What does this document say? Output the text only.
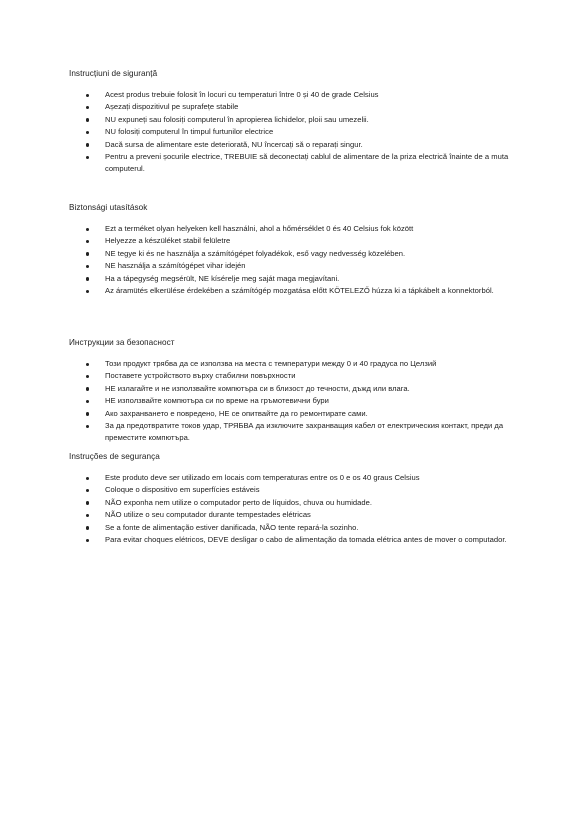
Instrucțiuni de siguranță
Acest produs trebuie folosit în locuri cu temperaturi între 0 și 40 de grade Celsius
Așezați dispozitivul pe suprafețe stabile
NU expuneți sau folosiți computerul în apropierea lichidelor, ploii sau umezelii.
NU folosiți computerul în timpul furtunilor electrice
Dacă sursa de alimentare este deteriorată, NU încercați să o reparați singur.
Pentru a preveni șocurile electrice, TREBUIE să deconectați cablul de alimentare de la priza electrică înainte de a muta computerul.
Biztonsági utasítások
Ezt a terméket olyan helyeken kell használni, ahol a hőmérséklet 0 és 40 Celsius fok között
Helyezze a készüléket stabil felületre
NE tegye ki és ne használja a számítógépet folyadékok, eső vagy nedvesség közelében.
NE használja a számítógépet vihar idején
Ha a tápegység megsérült, NE kísérelje meg saját maga megjavítani.
Az áramütés elkerülése érdekében a számítógép mozgatása előtt KÖTELEZŐ húzza ki a tápkábelt a konnektorból.
Инструкции за безопасност
Този продукт трябва да се използва на места с температури между 0 и 40 градуса по Целзий
Поставете устройството върху стабилни повърхности
НЕ излагайте и не използвайте компютъра си в близост до течности, дъжд или влага.
НЕ използвайте компютъра си по време на гръмотевични бури
Ако захранването е повредено, НЕ се опитвайте да го ремонтирате сами.
За да предотвратите токов удар, ТРЯБВА да изключите захранващия кабел от електрическия контакт, преди да преместите компютъра.
Instruções de segurança
Este produto deve ser utilizado em locais com temperaturas entre os 0 e os 40 graus Celsius
Coloque o dispositivo em superfícies estáveis
NÃO exponha nem utilize o computador perto de líquidos, chuva ou humidade.
NÃO utilize o seu computador durante tempestades elétricas
Se a fonte de alimentação estiver danificada, NÃO tente repará-la sozinho.
Para evitar choques elétricos, DEVE desligar o cabo de alimentação da tomada elétrica antes de mover o computador.
